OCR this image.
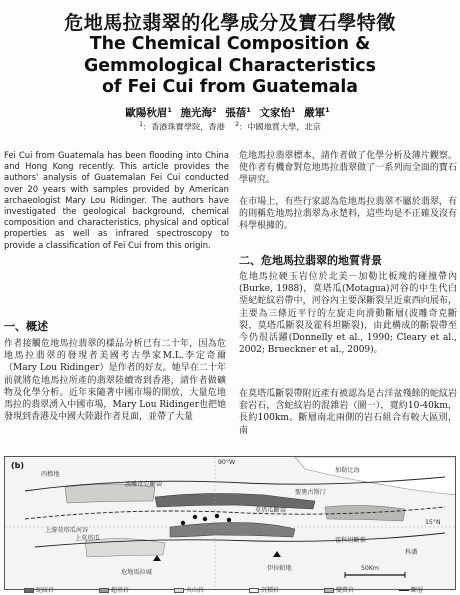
危地馬拉翡翠的化學成分及寶石學特徵
The Chemical Composition &
Gemmological Characteristics
of Fei Cui from Guatemala
歐陽秋眉$^1$ 施光海$^2$ 張蓓$^1$ 文家怡$^1$ 嚴軍$^1$
$^1$：香港珠寶學院，香港 $^2$：中國地質大學，北京
Fei Cui from Guatemala has been flooding into China and Hong Kong recently. This article provides the authors' analysis of Guatemalan Fei Cui conducted over 20 years with samples provided by American archaeologist Mary Lou Ridinger. The authors have investigated the geological background, chemical composition and characteristics, physical and optical properties as well as infrared spectroscopy to provide a classification of Fei Cui from this origin.
一、概述
作者接觸危地馬拉翡翠的樣品分析已有二十年，因為危地馬拉翡翠的發現者美國考古學家M.L.李定奇爾（Mary Lou Ridinger）是作者的好友。她早在二十年前就將危地馬拉所產的翡翠陸續寄到香港，請作者做礦物及化學分析。近年來隨著中國市場的開放，大量危地馬拉的翡翠湧入中國市場，Mary Lou Ridinger也把她發現到香港及中國大陸跟作者見面，並帶了大量
危地馬拉翡翠標本，請作者做了化學分析及薄片觀察。使作者有機會對危地馬拉翡翠做了一系列而全面的寶石學研究。
在市場上，有些行家認為危地馬拉翡翠不屬於翡翠，有的則稱危地馬拉翡翠為永楚料，這些均是不正確及沒有科學根據的。
二、危地馬拉翡翠的地質背景
危地馬拉硬玉岩位於北美－加勒比板塊的碰撞帶內(Burke, 1988)，莫塔瓜(Motagua)河谷的中生代白堊紀蛇紋岩帶中，河谷內主要深斷裂呈近東西向展布，主要為三條近平行的左旋走向滑動斷層(波雕奇克斷裂，莫塔瓜斷裂及霍科坦斷裂)，由此構成的斷裂帶至今仍很活躍(Donnelly et al., 1990; Cleary et al., 2002; Brueckner et al., 2009)。
在莫塔瓜斷裂帶附近產有被認為是古洋盆殘餘的蛇紋岩套岩石，含蛇紋岩的混雜岩（圖一），寬約10-40km，長約100km。斷層南北兩側的岩石組合有較大區別，南
(b)	90°W
15°N
50Km
波雕奇克斷裂
莫塔瓜斷裂
霍科坦斷裂
加勒比海
丙標地
上游莫塔瓜河谷
上莫塔瓜
伊拉帕地
危地馬拉城
聖奧古斯汀
科潘
蛇紋岩	超基岩	火山岩	沉積岩	變質岩	斷層
